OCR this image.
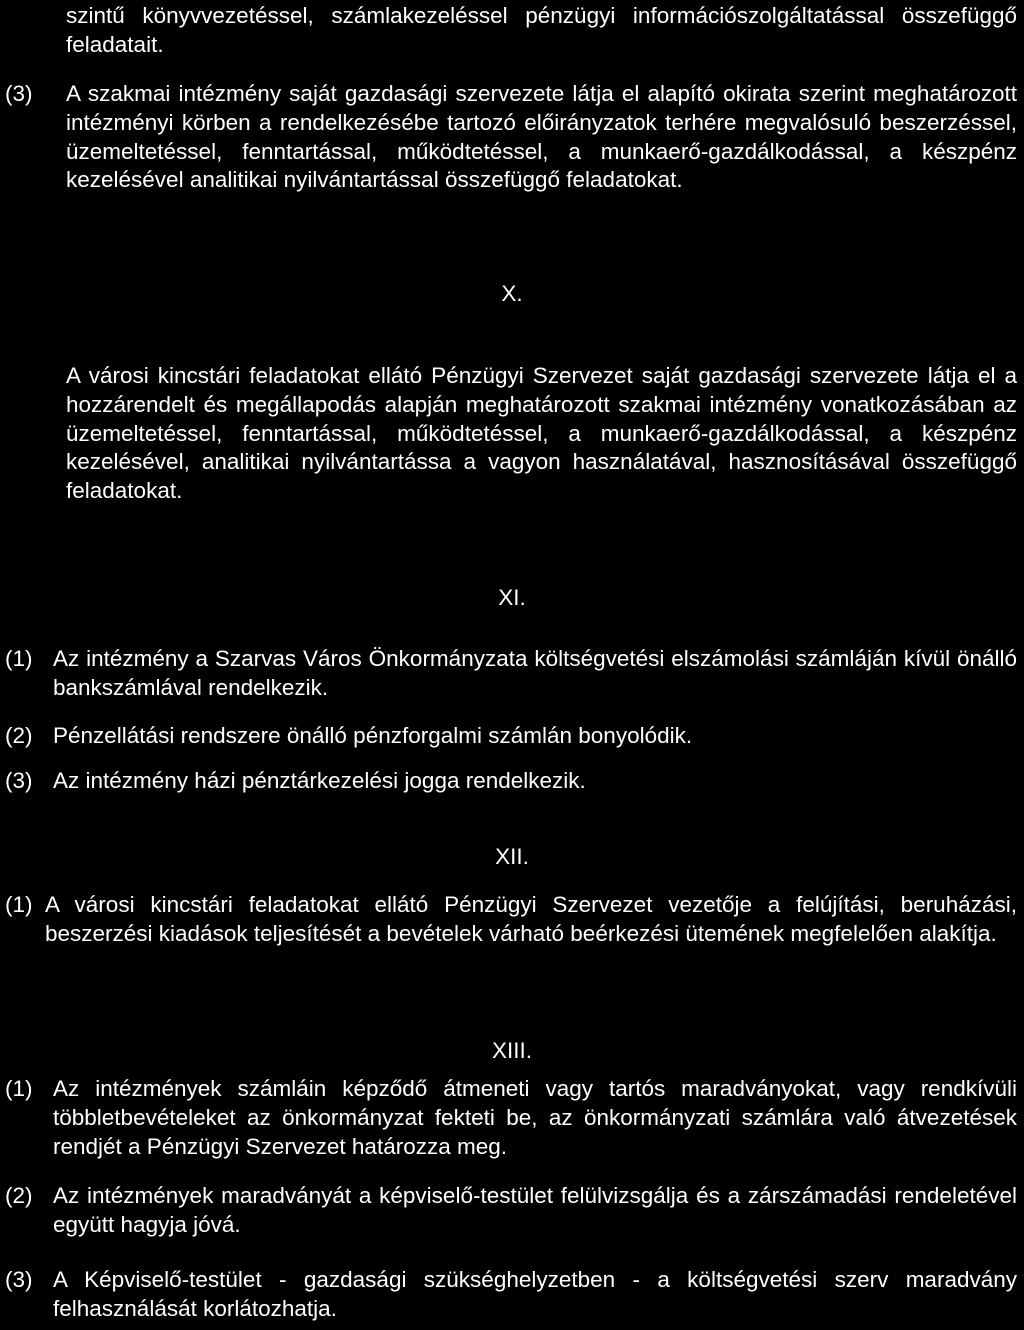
szintű könyvvezetéssel, számlakezeléssel pénzügyi információszolgáltatással összefüggő feladatait.
(3) A szakmai intézmény saját gazdasági szervezete látja el alapító okirata szerint meghatározott intézményi körben a rendelkezésébe tartozó előirányzatok terhére megvalósuló beszerzéssel, üzemeltetéssel, fenntartással, működtetéssel, a munkaerő-gazdálkodással, a készpénz kezelésével analitikai nyilvántartással összefüggő feladatokat.
X.
A városi kincstári feladatokat ellátó Pénzügyi Szervezet saját gazdasági szervezete látja el a hozzárendelt és megállapodás alapján meghatározott szakmai intézmény vonatkozásában az üzemeltetéssel, fenntartással, működtetéssel, a munkaerő-gazdálkodással, a készpénz kezelésével, analitikai nyilvántartássa a vagyon használatával, hasznosításával összefüggő feladatokat.
XI.
(1) Az intézmény a Szarvas Város Önkormányzata költségvetési elszámolási számláján kívül önálló bankszámlával rendelkezik.
(2) Pénzellátási rendszere önálló pénzforgalmi számlán bonyolódik.
(3) Az intézmény házi pénztárkezelési jogga rendelkezik.
XII.
(1) A városi kincstári feladatokat ellátó Pénzügyi Szervezet vezetője a felújítási, beruházási, beszerzési kiadások teljesítését a bevételek várható beérkezési ütemének megfelelően alakítja.
XIII.
(1) Az intézmények számláin képződő átmeneti vagy tartós maradványokat, vagy rendkívüli többletbevételeket az önkormányzat fekteti be, az önkormányzati számlára való átvezetések rendjét a Pénzügyi Szervezet határozza meg.
(2) Az intézmények maradványát a képviselő-testület felülvizsgálja és a zárszámadási rendeletével együtt hagyja jóvá.
(3) A Képviselő-testület - gazdasági szükséghelyzetben - a költségvetési szerv maradvány felhasználását korlátozhatja.
